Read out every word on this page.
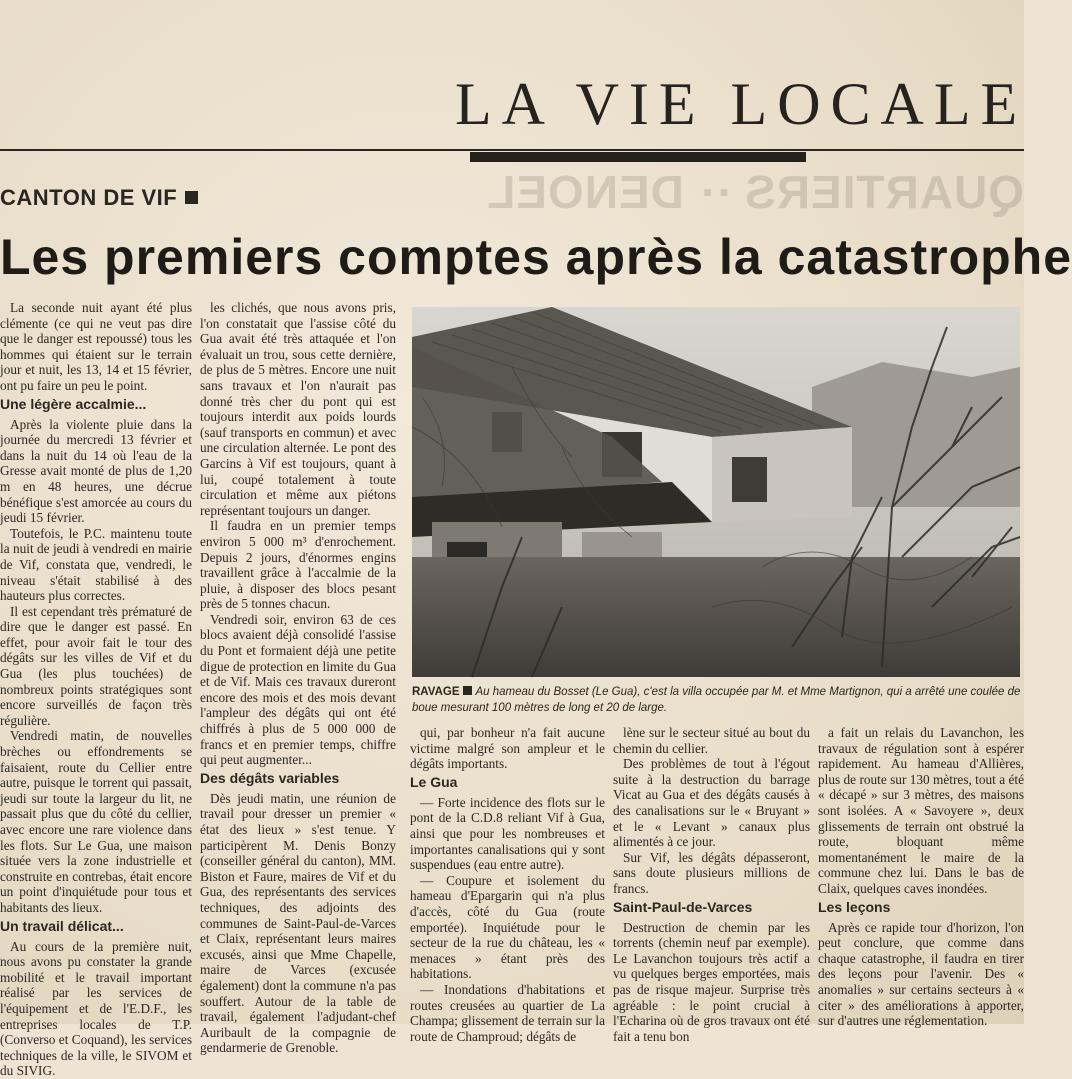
QUARTIERS ·· DENOEL
LA VIE LOCALE
CANTON DE VIF
Les premiers comptes après la catastrophe

La seconde nuit ayant été plus clémente (ce qui ne veut pas dire que le danger est repoussé) tous les hommes qui étaient sur le terrain jour et nuit, les 13, 14 et 15 février, ont pu faire un peu le point.

Une légère accalmie...

Après la violente pluie dans la journée du mercredi 13 février et dans la nuit du 14 où l'eau de la Gresse avait monté de plus de 1,20 m en 48 heures, une décrue bénéfique s'est amorcée au cours du jeudi 15 février.

Toutefois, le P.C. maintenu toute la nuit de jeudi à vendredi en mairie de Vif, constata que, vendredi, le niveau s'était stabilisé à des hauteurs plus correctes.

Il est cependant très prématuré de dire que le danger est passé. En effet, pour avoir fait le tour des dégâts sur les villes de Vif et du Gua (les plus touchées) de nombreux points stratégiques sont encore surveillés de façon très régulière.

Vendredi matin, de nouvelles brèches ou effondrements se faisaient, route du Cellier entre autre, puisque le torrent qui passait, jeudi sur toute la largeur du lit, ne passait plus que du côté du cellier, avec encore une rare violence dans les flots. Sur Le Gua, une maison située vers la zone industrielle et construite en contrebas, était encore un point d'inquiétude pour tous et habitants des lieux.

Un travail délicat...

Au cours de la première nuit, nous avons pu constater la grande mobilité et le travail important réalisé par les services de l'équipement et de l'E.D.F., les entreprises locales de T.P. (Converso et Coquand), les services techniques de la ville, le SIVOM et du SIVIG.

les clichés, que nous avons pris, l'on constatait que l'assise côté du Gua avait été très attaquée et l'on évaluait un trou, sous cette dernière, de plus de 5 mètres. Encore une nuit sans travaux et l'on n'aurait pas donné très cher du pont qui est toujours interdit aux poids lourds (sauf transports en commun) et avec une circulation alternée. Le pont des Garcins à Vif est toujours, quant à lui, coupé totalement à toute circulation et même aux piétons représentant toujours un danger.

Il faudra en un premier temps environ 5 000 m³ d'enrochement. Depuis 2 jours, d'énormes engins travaillent grâce à l'accalmie de la pluie, à disposer des blocs pesant près de 5 tonnes chacun.

Vendredi soir, environ 63 de ces blocs avaient déjà consolidé l'assise du Pont et formaient déjà une petite digue de protection en limite du Gua et de Vif. Mais ces travaux dureront encore des mois et des mois devant l'ampleur des dégâts qui ont été chiffrés à plus de 5 000 000 de francs et en premier temps, chiffre qui peut augmenter...

Des dégâts variables

Dès jeudi matin, une réunion de travail pour dresser un premier « état des lieux » s'est tenue. Y participèrent M. Denis Bonzy (conseiller général du canton), MM. Biston et Faure, maires de Vif et du Gua, des représentants des services techniques, des adjoints des communes de Saint-Paul-de-Varces et Claix, représentant leurs maires excusés, ainsi que Mme Chapelle, maire de Varces (excusée également) dont la commune n'a pas souffert. Autour de la table de travail, également l'adjudant-chef Auribault de la compagnie de gendarmerie de Grenoble.

RAVAGE Au hameau du Bosset (Le Gua), c'est la villa occupée par M. et Mme Martignon, qui a arrêté une coulée de boue mesurant 100 mètres de long et 20 de large.

qui, par bonheur n'a fait aucune victime malgré son ampleur et le dégâts importants.

Le Gua

— Forte incidence des flots sur le pont de la C.D.8 reliant Vif à Gua, ainsi que pour les nombreuses et importantes canalisations qui y sont suspendues (eau entre autre).

— Coupure et isolement du hameau d'Epargarin qui n'a plus d'accès, côté du Gua (route emportée). Inquiétude pour le secteur de la rue du château, les « menaces » étant près des habitations.

— Inondations d'habitations et routes creusées au quartier de La Champa; glissement de terrain sur la route de Champroud; dégâts de

lène sur le secteur situé au bout du chemin du cellier.

Des problèmes de tout à l'égout suite à la destruction du barrage Vicat au Gua et des dégâts causés à des canalisations sur le « Bruyant » et le « Levant » canaux plus alimentés à ce jour.

Sur Vif, les dégâts dépasseront, sans doute plusieurs millions de francs.

Saint-Paul-de-Varces

Destruction de chemin par les torrents (chemin neuf par exemple). Le Lavanchon toujours très actif a vu quelques berges emportées, mais pas de risque majeur. Surprise très agréable : le point crucial à l'Echarina où de gros travaux ont été fait a tenu bon

a fait un relais du Lavanchon, les travaux de régulation sont à espérer rapidement. Au hameau d'Allières, plus de route sur 130 mètres, tout a été « décapé » sur 3 mètres, des maisons sont isolées. A « Savoyere », deux glissements de terrain ont obstrué la route, bloquant même momentanément le maire de la commune chez lui. Dans le bas de Claix, quelques caves inondées.

Les leçons

Après ce rapide tour d'horizon, l'on peut conclure, que comme dans chaque catastrophe, il faudra en tirer des leçons pour l'avenir. Des « anomalies » sur certains secteurs à « citer » des améliorations à apporter, sur d'autres une réglementation.
